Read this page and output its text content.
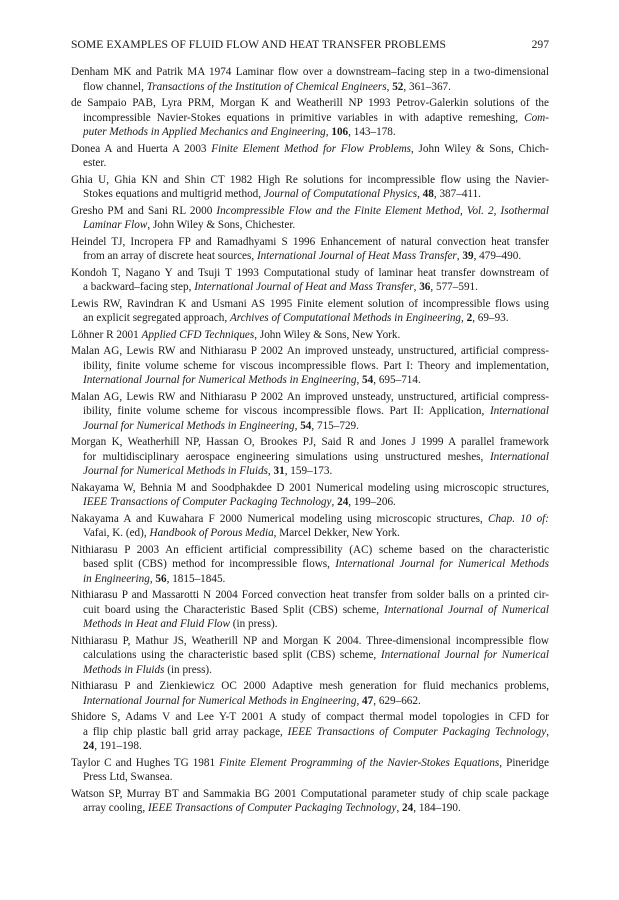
SOME EXAMPLES OF FLUID FLOW AND HEAT TRANSFER PROBLEMS	297
Denham MK and Patrik MA 1974 Laminar flow over a downstream–facing step in a two-dimensional
flow channel, Transactions of the Institution of Chemical Engineers, 52, 361–367.
de Sampaio PAB, Lyra PRM, Morgan K and Weatherill NP 1993 Petrov-Galerkin solutions of the
incompressible Navier-Stokes equations in primitive variables in with adaptive remeshing, Com-
puter Methods in Applied Mechanics and Engineering, 106, 143–178.
Donea A and Huerta A 2003 Finite Element Method for Flow Problems, John Wiley & Sons, Chich-
ester.
Ghia U, Ghia KN and Shin CT 1982 High Re solutions for incompressible flow using the Navier-
Stokes equations and multigrid method, Journal of Computational Physics, 48, 387–411.
Gresho PM and Sani RL 2000 Incompressible Flow and the Finite Element Method, Vol. 2, Isothermal
Laminar Flow, John Wiley & Sons, Chichester.
Heindel TJ, Incropera FP and Ramadhyami S 1996 Enhancement of natural convection heat transfer
from an array of discrete heat sources, International Journal of Heat Mass Transfer, 39, 479–490.
Kondoh T, Nagano Y and Tsuji T 1993 Computational study of laminar heat transfer downstream of
a backward–facing step, International Journal of Heat and Mass Transfer, 36, 577–591.
Lewis RW, Ravindran K and Usmani AS 1995 Finite element solution of incompressible flows using
an explicit segregated approach, Archives of Computational Methods in Engineering, 2, 69–93.
Löhner R 2001 Applied CFD Techniques, John Wiley & Sons, New York.
Malan AG, Lewis RW and Nithiarasu P 2002 An improved unsteady, unstructured, artificial compress-
ibility, finite volume scheme for viscous incompressible flows. Part I: Theory and implementation,
International Journal for Numerical Methods in Engineering, 54, 695–714.
Malan AG, Lewis RW and Nithiarasu P 2002 An improved unsteady, unstructured, artificial compress-
ibility, finite volume scheme for viscous incompressible flows. Part II: Application, International
Journal for Numerical Methods in Engineering, 54, 715–729.
Morgan K, Weatherhill NP, Hassan O, Brookes PJ, Said R and Jones J 1999 A parallel framework
for multidisciplinary aerospace engineering simulations using unstructured meshes, International
Journal for Numerical Methods in Fluids, 31, 159–173.
Nakayama W, Behnia M and Soodphakdee D 2001 Numerical modeling using microscopic structures,
IEEE Transactions of Computer Packaging Technology, 24, 199–206.
Nakayama A and Kuwahara F 2000 Numerical modeling using microscopic structures, Chap. 10 of:
Vafai, K. (ed), Handbook of Porous Media, Marcel Dekker, New York.
Nithiarasu P 2003 An efficient artificial compressibility (AC) scheme based on the characteristic
based split (CBS) method for incompressible flows, International Journal for Numerical Methods
in Engineering, 56, 1815–1845.
Nithiarasu P and Massarotti N 2004 Forced convection heat transfer from solder balls on a printed cir-
cuit board using the Characteristic Based Split (CBS) scheme, International Journal of Numerical
Methods in Heat and Fluid Flow (in press).
Nithiarasu P, Mathur JS, Weatherill NP and Morgan K 2004. Three-dimensional incompressible flow
calculations using the characteristic based split (CBS) scheme, International Journal for Numerical
Methods in Fluids (in press).
Nithiarasu P and Zienkiewicz OC 2000 Adaptive mesh generation for fluid mechanics problems,
International Journal for Numerical Methods in Engineering, 47, 629–662.
Shidore S, Adams V and Lee Y-T 2001 A study of compact thermal model topologies in CFD for
a flip chip plastic ball grid array package, IEEE Transactions of Computer Packaging Technology,
24, 191–198.
Taylor C and Hughes TG 1981 Finite Element Programming of the Navier-Stokes Equations, Pineridge
Press Ltd, Swansea.
Watson SP, Murray BT and Sammakia BG 2001 Computational parameter study of chip scale package
array cooling, IEEE Transactions of Computer Packaging Technology, 24, 184–190.
